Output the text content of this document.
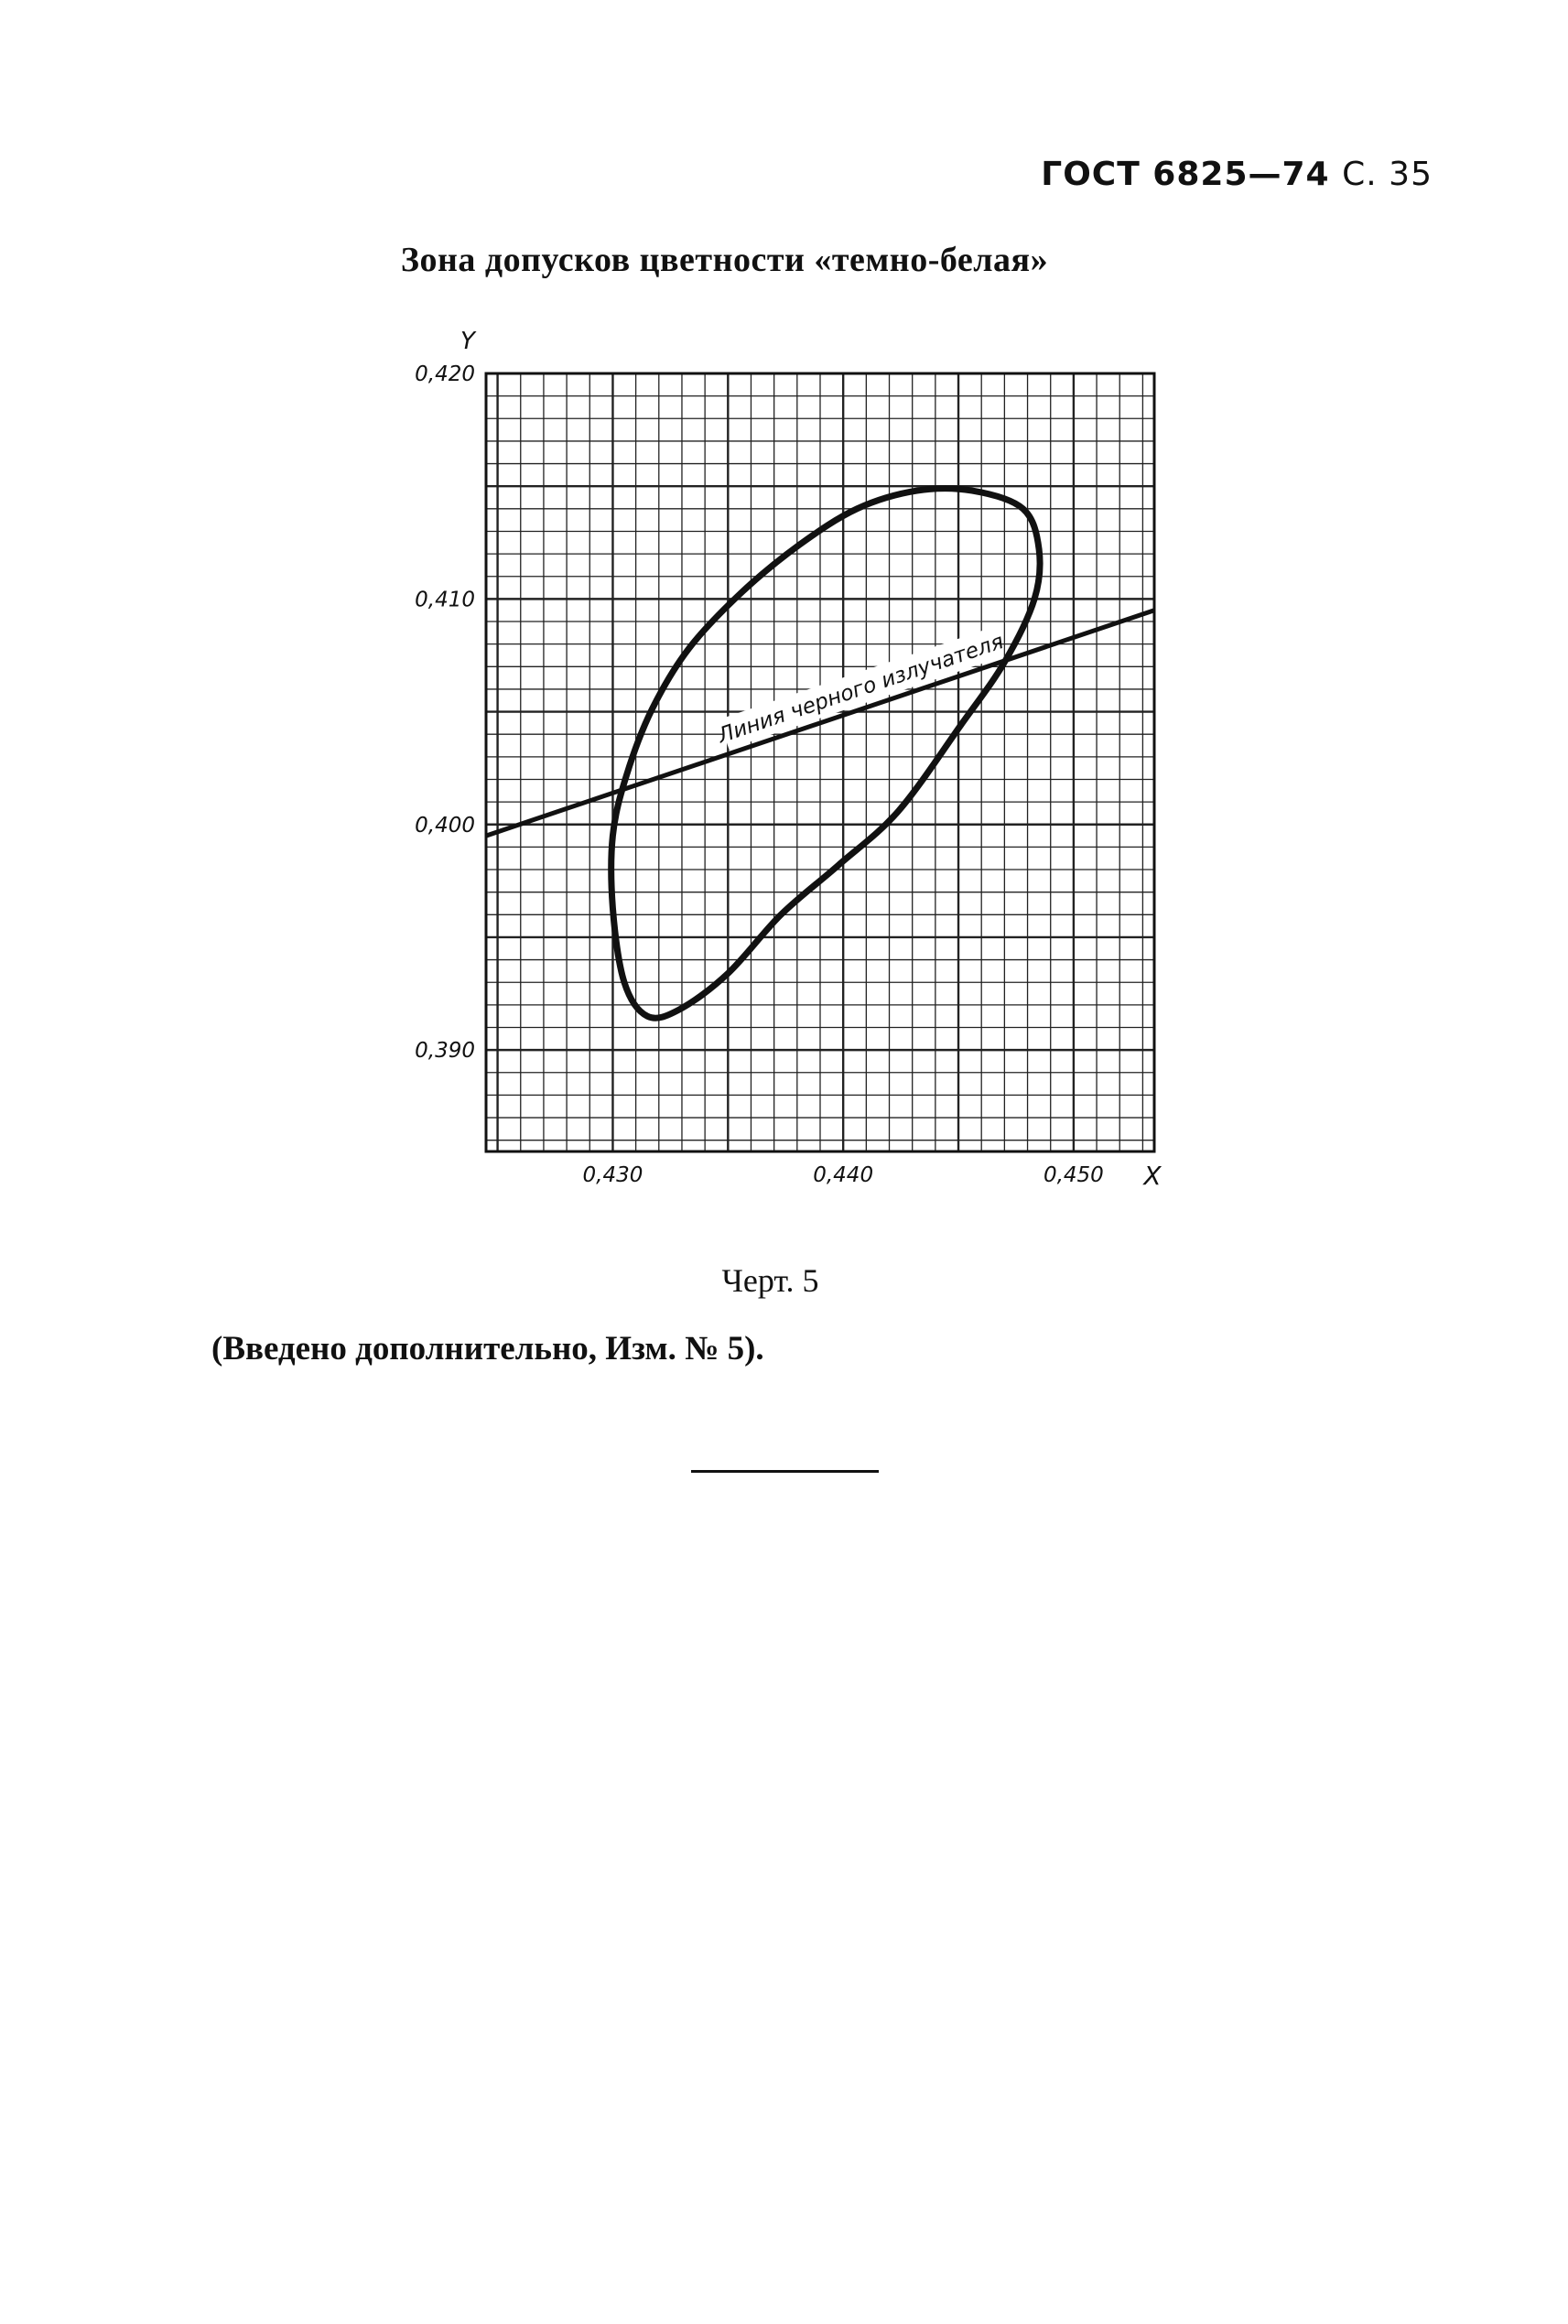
ГОСТ 6825—74 С. 35
Зона допусков цветности «темно-белая»
0,420
0,410
0,400
0,390
0,430	0,440	0,450
Y
X
Линия черного излучателя
Черт. 5
(Введено дополнительно, Изм. № 5).
